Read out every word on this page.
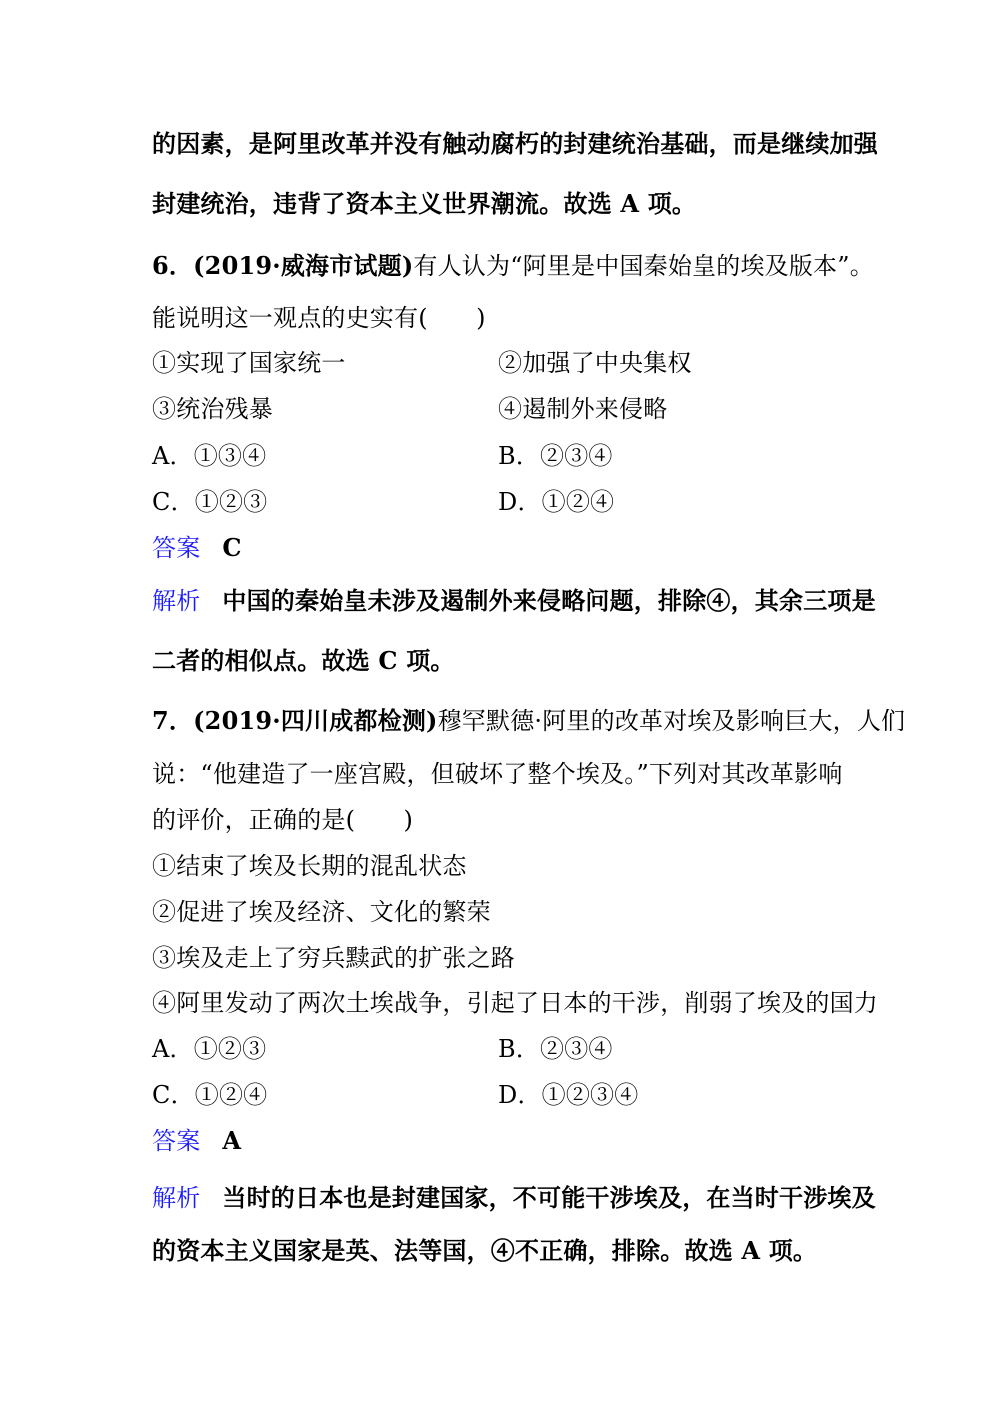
的因素，是阿里改革并没有触动腐朽的封建统治基础，而是继续加强
封建统治，违背了资本主义世界潮流。故选 A 项。
6．(2019·威海市试题)有人认为“阿里是中国秦始皇的埃及版本”。
能说明这一观点的史实有(　　)
①实现了国家统一	②加强了中央集权
③统治残暴	④遏制外来侵略
A．①③④	B．②③④
C．①②③	D．①②④
答案 C
解析 中国的秦始皇未涉及遏制外来侵略问题，排除④，其余三项是
二者的相似点。故选 C 项。
7．(2019·四川成都检测)穆罕默德·阿里的改革对埃及影响巨大，人们
说：“他建造了一座宫殿，但破坏了整个埃及。”下列对其改革影响
的评价，正确的是(　　)
①结束了埃及长期的混乱状态
②促进了埃及经济、文化的繁荣
③埃及走上了穷兵黩武的扩张之路
④阿里发动了两次土埃战争，引起了日本的干涉，削弱了埃及的国力
A．①②③	B．②③④
C．①②④	D．①②③④
答案 A
解析 当时的日本也是封建国家，不可能干涉埃及，在当时干涉埃及
的资本主义国家是英、法等国，④不正确，排除。故选 A 项。
